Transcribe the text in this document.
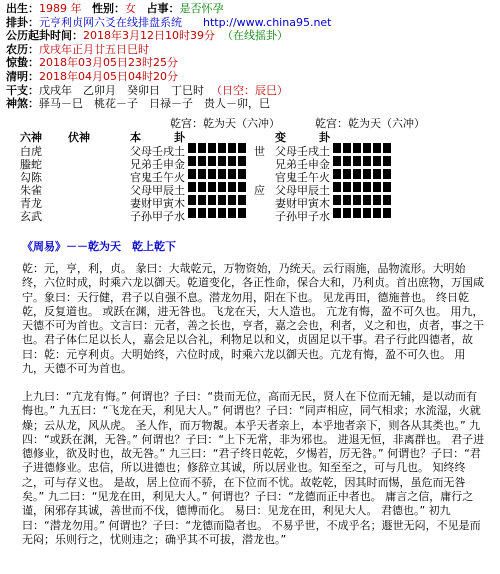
出生：1989 年 性别：女 占事：是否怀孕
排卦：元亨利贞网六爻在线排盘系统 http://www.china95.net
公历起卦时间：2018年3月12日10时39分 （在线摇卦）
农历：戊戌年正月廿五日巳时
惊蛰：2018年03月05日23时25分
清明：2018年04月05日04时20分
干支：戊戌年　乙卯月　癸卯日　丁巳时 （日空：辰巳）
神煞：驿马－巳　桃花－子　日禄－子　贵人－卯，巳
乾宫：乾为天（六冲）	乾宫：乾为天（六冲）
六神 伏神	本　　　卦	变　　　卦
白虎	父母壬戌土	世 父母壬戌土
螣蛇	兄弟壬申金	兄弟壬申金
勾陈	官鬼壬午火	官鬼壬午火
朱雀	父母甲辰土	应 父母甲辰土
青龙	妻财甲寅木	妻财甲寅木
玄武	子孙甲子水	子孙甲子水
《周易》－－乾为天　乾上乾下
乾：元，亨，利，贞。 彖曰：大哉乾元，万物资始，乃统天。云行雨施，品物流形。大明始终，六位时成，时乘六龙以御天。乾道变化，各正性命，保合大和，乃利贞。首出庶物，万国咸宁。象曰：天行健，君子以自强不息。潜龙勿用，阳在下也。 见龙再田，德施普也。 终日乾乾，反复道也。 或跃在渊，进无咎也。飞龙在天，大人造也。 亢龙有悔，盈不可久也。 用九，天德不可为首也。文言曰：元者，善之长也，亨者，嘉之会也，利者，义之和也，贞者，事之干也。君子体仁足以长人，嘉会足以合礼，利物足以和义，贞固足以干事。君子行此四德者，故曰：乾：元亨利贞。大明始终，六位时成，时乘六龙以御天也。亢龙有悔，盈不可久也。 用九，天德不可为首也。
上九曰：“亢龙有悔。” 何谓也？子曰：“贵而无位，高而无民，贤人在下位而无辅，是以动而有悔也。” 九五曰：“飞龙在天，利见大人。” 何谓也？子曰：“同声相应，同气相求；水流湿，火就燥；云从龙，风从虎。 圣人作，而万物覩。本乎天者亲上，本乎地者亲下，则各从其类也。” 九四：“或跃在渊，无咎。” 何谓也？子曰：“上下无常，非为邪也。 进退无恒，非离群也。 君子进德修业，欲及时也，故无咎。” 九三曰：“君子终日乾乾，夕惕若，厉无咎。” 何谓也？子曰：“君子进德修业。忠信，所以进德也；修辞立其诚，所以居业也。知至至之，可与几也。 知终终之，可与存义也。 是故，居上位而不骄，在下位而不忧。故乾乾，因其时而惕，虽危而无咎矣。” 九二曰：“见龙在田，利见大人。” 何谓也？子曰：“龙德而正中者也。 庸言之信，庸行之谨，闲邪存其诚，善世而不伐，德博而化。 易曰：见龙在田，利见大人。 君德也。” 初九曰：“潜龙勿用。” 何谓也？子曰：“龙德而隐者也。 不易乎世，不成乎名；遯世无闷，不见是而无闷；乐则行之，忧则违之；确乎其不可拔，潜龙也。”
